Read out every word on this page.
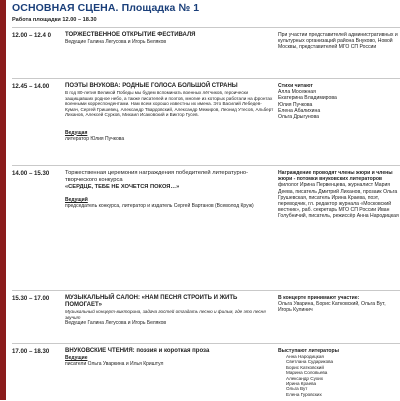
ОСНОВНАЯ СЦЕНА. Площадка № 1
Работа площадки 12.00 – 18.30
12.00 – 12.4 0 ТОРЖЕСТВЕННОЕ ОТКРЫТИЕ ФЕСТИВАЛЯ
Ведущие Галина Легусова и Игорь Беляков
При участии представителей административных и культурных организаций района Внуково, Новой Москвы, представителей МГО СП России
12.45 – 14.00	ПОЭТЫ ВНУКОВА: РОДНЫЕ ГОЛОСА БОЛЬШОЙ СТРАНЫ
В год 80-летия Великой Победы мы будем вспоминать военных лётчиков, героически защищавших родное небо, а также писателей и поэтов, многие из которых работали на фронтах военными корреспондентами. Нам всем хорошо известны их имена. Это Василий Лебедев-Кумач, Сергей Гришевец, Александр Твардовский, Александр Межиров, Леонид Утесов, Альберт Лиханов, Алексей Сурков, Михаил Исаковский и Виктор Гусев.
Ведущая
литератор Юлия Пучкова
Стихи читают
Алла Мосежная
Екатерина Владимирова
Юлия Пучкова
Елена Абалихина
Ольга Дрыгунова
14.00 – 15.30	Торжественная церемония награждения победителей литературно-творческого конкурса
«СЕРДЦЕ, ТЕБЕ НЕ ХОЧЕТСЯ ПОКОЯ…»
Ведущий
председатель конкурса, литератор и издатель Сергей Вартанов (Всеволод Круж)
Награждение проводят члены жюри и члены жюри - потомки внуковских литераторов
филолог Ирина Первенцева, журналист Мария Деева, писатель Дмитрий Лиханов, прозаик Ольга Грушевская, писатель Ирина Краева, поэт, переводчик, гл. редактор журнала «Московский вестник», раб. секретарь МГО СП России Иван Голубничий, писатель, режиссёр Анна Народицкая
15.30 – 17.00	МУЗЫКАЛЬНЫЙ САЛОН: «НАМ ПЕСНЯ СТРОИТЬ И ЖИТЬ ПОМОГАЕТ»
Музыкальный концерт-викторина, задача гостей отгадать песню и фильм, где это песня звучит
Ведущие Галина Легусова и Игорь Беляков
В концерте принимают участие:
Ольга Уварина, Борис Катковский, Ольга Вут, Игорь Кулинич
17.00 – 18.30	ВНУКОВСКИЕ ЧТЕНИЯ: поэзия и короткая проза
Ведущие
писатели Ольга Уваркина и Илья Криштул
Выступают литераторы
Анна Народицкая
Светлана Сударикова
Борис Катковский
Марина Соловьева
Александр Сухих
Ирина Краева
Ольга Вут
Елена Гуровских
